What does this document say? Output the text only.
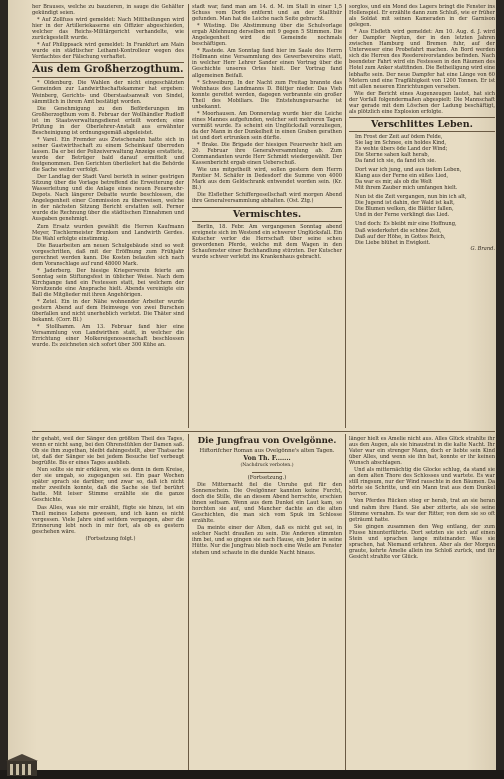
her Brauses, welche zu bauzieren, in sauge die Gehälter gekündigt seien.

* Auf Zollfuss wird gemeldet: Nach Mittheilungen wird hier in der Artilleriekaserne ein Offizier abgeschieden, welcher das Reichs-Militärgericht verhandelte, wie zurückgestellt wurde.

* Auf Philippsack wird gemeldet: In Frankfurt am Main wurde ein städtischer Leihamt-Kontrolleur wegen des Verdachtes der Fälschung verhaftet.

Aus dem Großherzogthum.

* Oldenburg. Die Wahlen der nicht eingeschätzten Gemeinden zur Landwirthschaftskammer hat ergeben: Weinberg, Gerichts- und Oberstaatsanwalt von Sindel, sämmtlich in ihrem Amt bestätigt worden.

Die Genehmigung zu den Beförderungen im Großherzogthum vom 8. Februar der Wollhändler Rudloff ist im Staatsverwaltungsdienst erteilt worden; eine Prüfung in der Oberlehrer-Anstalt aus erwähnter Bescheinigung ist ordnungsgemäß abgeleistet.

* Varel. Ein Fremder aus Zwischenahn hatte sich in seiner Gastwirthschaft zu einem Scheinkauf überreden lassen. Da er bei der Polizeiverwaltung Anzeige erstattete, wurde der Betrüger bald darauf ermittelt und festgenommen. Den Gerichten überliefert hat die Behörde die Sache weiter verfolgt.

Der Landtag der Stadt Varel berieth in seiner gestrigen Sitzung über die Vorlage betreffend die Erweiterung der Wasserleitung und die Anlage eines neuen Feuerwehr-Depots. Nach längerer Debatte wurde beschlossen, die Angelegenheit einer Commission zu überweisen, welche in der nächsten Sitzung Bericht erstatten soll. Ferner wurde die Rechnung über die städtischen Einnahmen und Ausgaben genehmigt.

Zum Ersatz wurden gewählt die Herren Kaufmann Meyer, Tischlermeister Brunken und Landwirth Gerdes. Die Wahl erfolgte einstimmig.

Die Bauarbeiten am neuen Schulgebäude sind so weit vorgeschritten, daß mit der Eröffnung zum Frühjahr gerechnet werden kann. Die Kosten belaufen sich nach dem Voranschlage auf rund 48000 Mark.

* Jaderberg. Der hiesige Kriegerverein feierte am Sonntag sein Stiftungsfest in üblicher Weise. Nach dem Kirchgange fand ein Festessen statt, bei welchem der Vorsitzende eine Ansprache hielt. Abends vereinigte ein Ball die Mitglieder mit ihren Angehörigen.

* Zetel. Ein in der Nähe wohnender Arbeiter wurde gestern Abend auf dem Heimwege von zwei Burschen überfallen und nicht unerheblich verletzt. Die Thäter sind bekannt. (Corr. Bl.)

* Stollhamm. Am 13. Februar fand hier eine Versammlung von Landwirthen statt, in welcher die Errichtung einer Molkereigenossenschaft beschlossen wurde. Es zeichneten sich sofort über 300 Kühe an.

stadt war, fand man am 14. d. M. im Stall in einer 1,5 Schuss vom Dorfe entfernt und an der Stallthür gefunden. Man hat die Leiche nach Seite gebracht.

* Wüsting. Die Abstimmung über die Schulvorlage ergab Ablehnung derselben mit 9 gegen 5 Stimmen. Die Angelegenheit wird die Gemeinde nochmals beschäftigen.

* Rastede. Am Sonntag fand hier im Saale des Herrn Hollmann eine Versammlung des Gewerbevereins statt, in welcher Herr Lehrer Sander einen Vortrag über die Geschichte unseres Ortes hielt. Der Vortrag fand allgemeinen Beifall.

* Schweiburg. In der Nacht zum Freitag brannte das Wohnhaus des Landmanns D. Bültjer nieder. Das Vieh konnte gerettet werden, dagegen verbrannte ein großer Theil des Mobiliars. Die Entstehungsursache ist unbekannt.

* Moorhausen. Am Donnerstag wurde hier die Leiche eines Mannes aufgefunden, welcher seit mehreren Tagen vermißt wurde. Es scheint ein Unglücksfall vorzuliegen, da der Mann in der Dunkelheit in einen Graben gerathen ist und dort ertrunken sein dürfte.

* Brake. Die Brigade der hiesigen Feuerwehr hielt am 20. Februar ihre Generalversammlung ab. Zum Commandanten wurde Herr Schmidt wiedergewählt. Der Kassenbericht ergab einen Ueberschuß.

Wie uns mitgetheilt wird, sollen gestern dem Herrn Rentier M. Schäfer in Dedesdorf die Summe von 4000 Mark aus dem Geldschrank entwendet worden sein. (Kr. Bl.)

Die Elsflether Schiffergesellschaft wird morgen Abend ihre Generalversammlung abhalten. (Ost. Ztg.)

Vermischtes.

Berlin, 18. Febr. Am vergangenen Sonntag abend ereignete sich im Westend ein schwerer Unglücksfall. Ein Kutscher verlor die Herrschaft über seine scheu gewordenen Pferde, welche mit dem Wagen in den Schaufenster einer Buchhandlung stürzten. Der Kutscher wurde schwer verletzt ins Krankenhaus gebracht.

sorglos, und ein Mond des Lagers bringt die Fenster ins Hollenspiel. Er erzählte dann zum Schluß, wie er früher als Soldat mit seinen Kameraden in der Garnison gelegen.

* Aus Elsfleth wird gemeldet: Am 10. Aug. d. J. wird der Dampfer Neptun, der in den letzten Jahren zwischen Hamburg und Bremen fuhr, auf der Unterweser eine Probefahrt machen. An Bord werden sich die Herren des Reedereivorstandes befinden. Nach beendeter Fahrt wird ein Festessen in den Räumen des Hotel zum Anker stattfinden. Die Betheiligung wird eine lebhafte sein. Der neue Dampfer hat eine Länge von 60 Metern und eine Tragfähigkeit von 1200 Tonnen. Er ist mit allen neueren Einrichtungen versehen.

Wie der Bericht eines Augenzeugen lautet, hat sich der Vorfall folgendermaßen abgespielt: Die Mannschaft war gerade mit dem Löschen der Ladung beschäftigt, als plötzlich eine Explosion erfolgte.

Verschlittes Leben.
Im Frost der Zeit auf ödem Felde,
Sie lag im Schnee, ein holdes Kind,
Es wehte übers öde Land der Wind;
Die Sterne sahen kalt herab,
Da fand ich sie, da fand ich sie.
Dort war ich jung, und aus tiefem Leben,
Klang aus der Ferne ein süßes Lied,
Da war es mir, als ob die Welt
Mit ihrem Zauber mich umfangen hielt.
Nun ist die Zeit vergangen, nun bin ich alt,
Die Jugend ist dahin, der Wald ist kalt,
Die Blumen welken, die Blätter fallen,
Und in der Ferne verklingt das Lied.
Und doch: Es bleibt mir eine Hoffnung,
Daß wiederkehrt die schöne Zeit,
Daß auf der Höhe, in Gottes Reich,
Die Liebe blühet in Ewigkeit.

G. Brand.

ihr gehabt, weil der Sänger den größten Theil des Tages, wenn er nicht sang, bei den Ohrenstühlen der Damen saß. Ob sie ihm zugethan, bleibt dahingestellt, aber Thatsache ist, daß der Sänger sie bei jedem Besuche tief verbeugt begrüßte. Bis er eines Tages ausblieb.

Nun sollte sie mir erklären, wie es denn in dem Kreise, der sie umgab, so zugegangen sei. Ein paar Wochen später sprach sie darüber, und zwar so, daß ich nicht mehr zweifeln konnte, daß die Sache sie tief berührt hatte. Mit leiser Stimme erzählte sie die ganze Geschichte.

Das Alles, was sie mir erzählt, fügte sie hinzu, ist ein Theil meines Lebens gewesen, und ich kann es nicht vergessen. Viele Jahre sind seitdem vergangen, aber die Erinnerung lebt noch in mir fort, als ob es gestern geschehen wäre.

(Fortsetzung folgt.)

Die Jungfrau von Ovelgönne.
Hiftorifcher Roman aus Ovelgönne's alten Tagen.
Von Th. F.......
(Nachdruck verboten.)
(Fortsetzung.)

Die Mitternacht fiel die Unruhe gut für den Sonnenschein. Die Ovelgönner kannten keine Furcht, doch die Stille, die an diesem Abend herrschte, erschien ihnen seltsam. Wenn aus dem Dunkel ein Laut kam, so horchten sie auf, und Mancher dachte an die alten Geschichten, die man sich vom Spuk im Schlosse erzählte.

Da meinte einer der Alten, daß es nicht gut sei, in solcher Nacht draußen zu sein. Die Anderen stimmten ihm bei, und so gingen sie nach Hause, ein Jeder in seine Hütte. Nur die Jungfrau blieb noch eine Weile am Fenster stehen und schaute in die dunkle Nacht hinaus.

länger hielt es Amelie nicht aus. Alles Glück strahlte ihr aus den Augen, als sie hinaustrat in die kalte Nacht. Ihr Vater war ein strenger Mann, doch er liebte sein Kind über Alles, und wenn sie ihn bat, konnte er ihr keinen Wunsch abschlagen.

Und als mitternächtig die Glocke schlug, da stand sie an dem alten Thore des Schlosses und wartete. Es war still ringsum, nur der Wind rauschte in den Bäumen. Da hörte sie Schritte, und ein Mann trat aus dem Dunkel hervor.

Von Pferdes Rücken stieg er herab, trat an sie heran und nahm ihre Hand. Sie aber zitterte, als sie seine Stimme vernahm. Es war der Ritter, von dem sie so oft geträumt hatte.

Sie gingen zusammen den Weg entlang, der zum Flusse hinunterführte. Dort setzten sie sich auf einen Stein und sprachen lange miteinander. Was sie sprachen, hat Niemand erfahren. Aber als der Morgen graute, kehrte Amelie allein ins Schloß zurück, und ihr Gesicht strahlte vor Glück.
